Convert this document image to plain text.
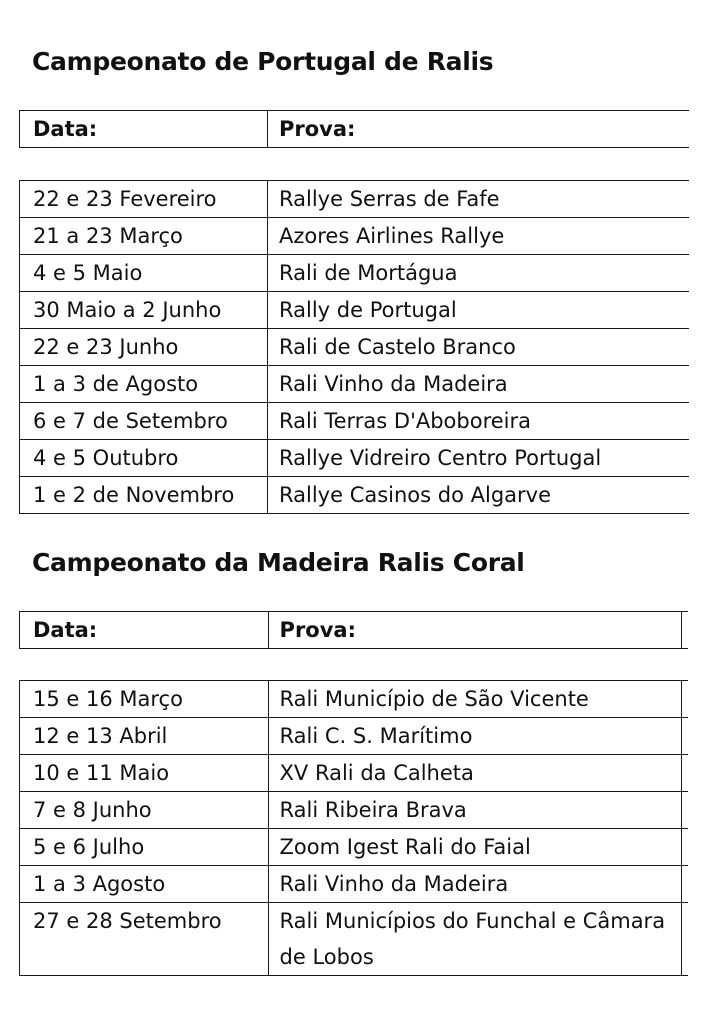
Campeonato de Portugal de Ralis
Data:	Prova:
22 e 23 Fevereiro	Rallye Serras de Fafe
21 a 23 Março	Azores Airlines Rallye
4 e 5 Maio	Rali de Mortágua
30 Maio a 2 Junho	Rally de Portugal
22 e 23 Junho	Rali de Castelo Branco
1 a 3 de Agosto	Rali Vinho da Madeira
6 e 7 de Setembro	Rali Terras D'Aboboreira
4 e 5 Outubro	Rallye Vidreiro Centro Portugal
1 e 2 de Novembro	Rallye Casinos do Algarve
Campeonato da Madeira Ralis Coral
Data:	Prova:	
15 e 16 Março	Rali Município de São Vicente	
12 e 13 Abril	Rali C. S. Marítimo	
10 e 11 Maio	XV Rali da Calheta	
7 e 8 Junho	Rali Ribeira Brava	
5 e 6 Julho	Zoom Igest Rali do Faial	
1 a 3 Agosto	Rali Vinho da Madeira	
27 e 28 Setembro	Rali Municípios do Funchal e Câmara de Lobos	
